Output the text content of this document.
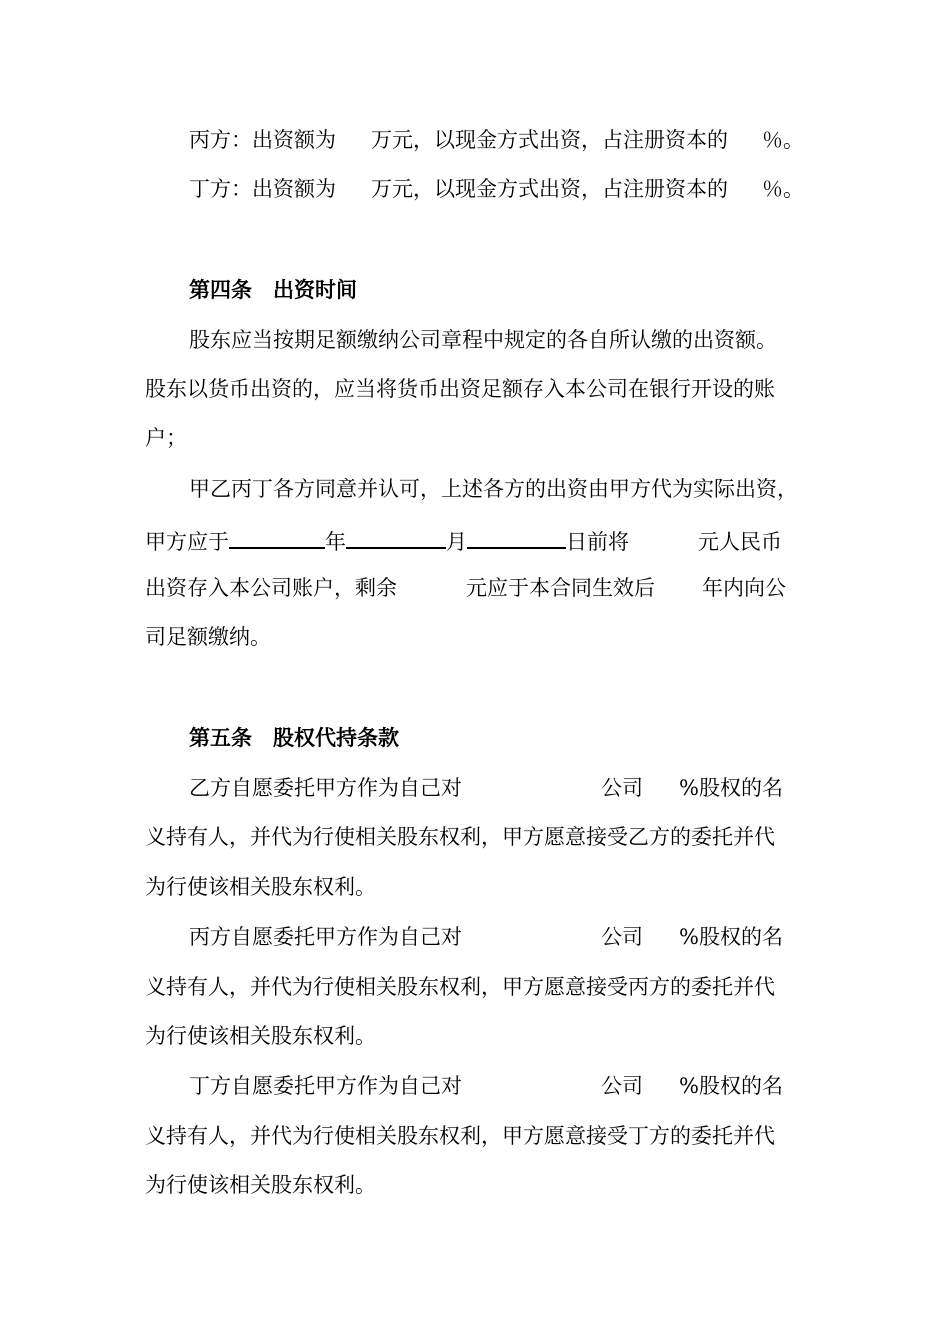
丙方：出资额为 万元，以现金方式出资，占注册资本的 ％。

丁方：出资额为 万元，以现金方式出资，占注册资本的 ％。

第四条　出资时间

股东应当按期足额缴纳公司章程中规定的各自所认缴的出资额。

股东以货币出资的，应当将货币出资足额存入本公司在银行开设的账

户；

甲乙丙丁各方同意并认可，上述各方的出资由甲方代为实际出资，

甲方应于	年	月	日前将	元人民币

出资存入本公司账户，剩余	元应于本合同生效后 年内向公

司足额缴纳。

第五条　股权代持条款

乙方自愿委托甲方作为自己对	公司 %股权的名

义持有人，并代为行使相关股东权利，甲方愿意接受乙方的委托并代

为行使该相关股东权利。

丙方自愿委托甲方作为自己对	公司 %股权的名

义持有人，并代为行使相关股东权利，甲方愿意接受丙方的委托并代

为行使该相关股东权利。

丁方自愿委托甲方作为自己对	公司 %股权的名

义持有人，并代为行使相关股东权利，甲方愿意接受丁方的委托并代

为行使该相关股东权利。
